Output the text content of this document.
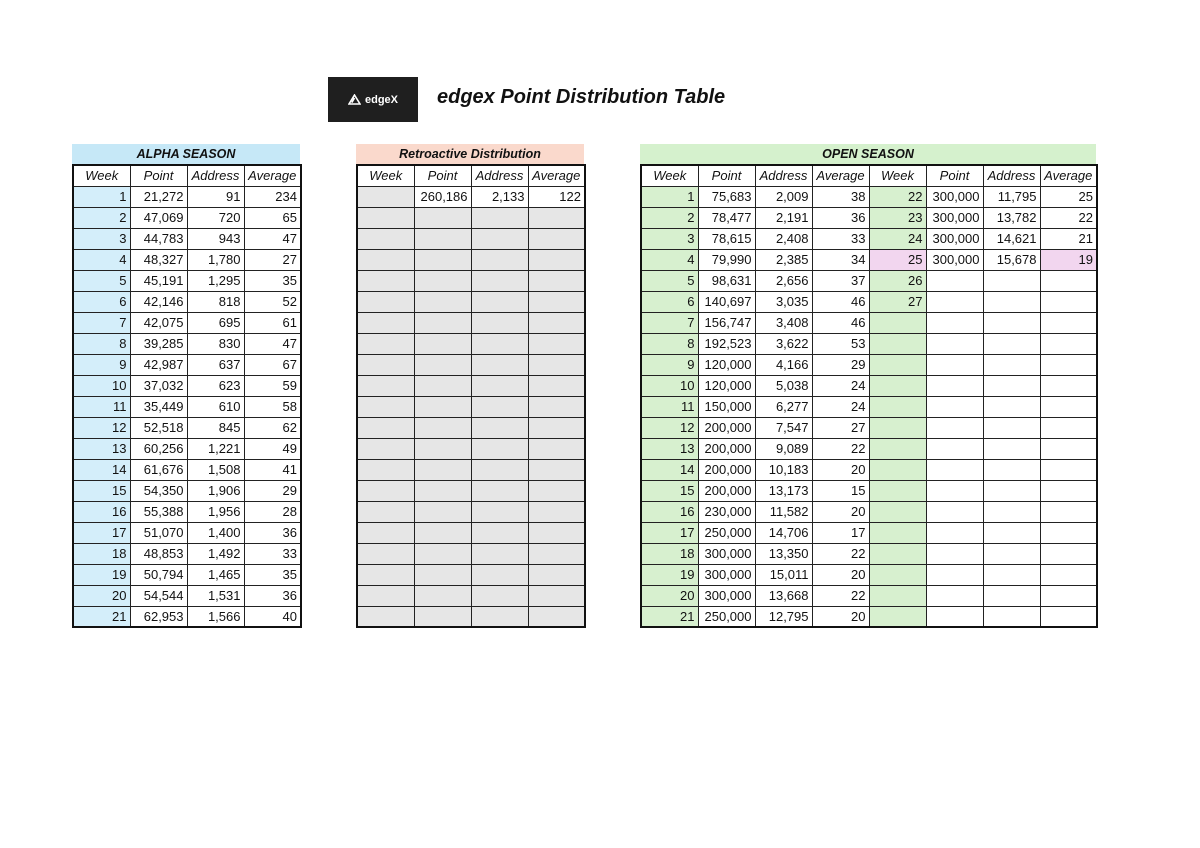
edgeX edgex Point Distribution Table
ALPHA SEASON
Week	Point	Address	Average
1	21,272	91	234
2	47,069	720	65
3	44,783	943	47
4	48,327	1,780	27
5	45,191	1,295	35
6	42,146	818	52
7	42,075	695	61
8	39,285	830	47
9	42,987	637	67
10	37,032	623	59
11	35,449	610	58
12	52,518	845	62
13	60,256	1,221	49
14	61,676	1,508	41
15	54,350	1,906	29
16	55,388	1,956	28
17	51,070	1,400	36
18	48,853	1,492	33
19	50,794	1,465	35
20	54,544	1,531	36
21	62,953	1,566	40
Retroactive Distribution
Week	Point	Address	Average
	260,186	2,133	122

OPEN SEASON
Week	Point	Address	Average	Week	Point	Address	Average
1	75,683	2,009	38	22	300,000	11,795	25
2	78,477	2,191	36	23	300,000	13,782	22
3	78,615	2,408	33	24	300,000	14,621	21
4	79,990	2,385	34	25	300,000	15,678	19
5	98,631	2,656	37	26			
6	140,697	3,035	46	27			
7	156,747	3,408	46				
8	192,523	3,622	53				
9	120,000	4,166	29				
10	120,000	5,038	24				
11	150,000	6,277	24				
12	200,000	7,547	27				
13	200,000	9,089	22				
14	200,000	10,183	20				
15	200,000	13,173	15				
16	230,000	11,582	20				
17	250,000	14,706	17				
18	300,000	13,350	22				
19	300,000	15,011	20				
20	300,000	13,668	22				
21	250,000	12,795	20				
